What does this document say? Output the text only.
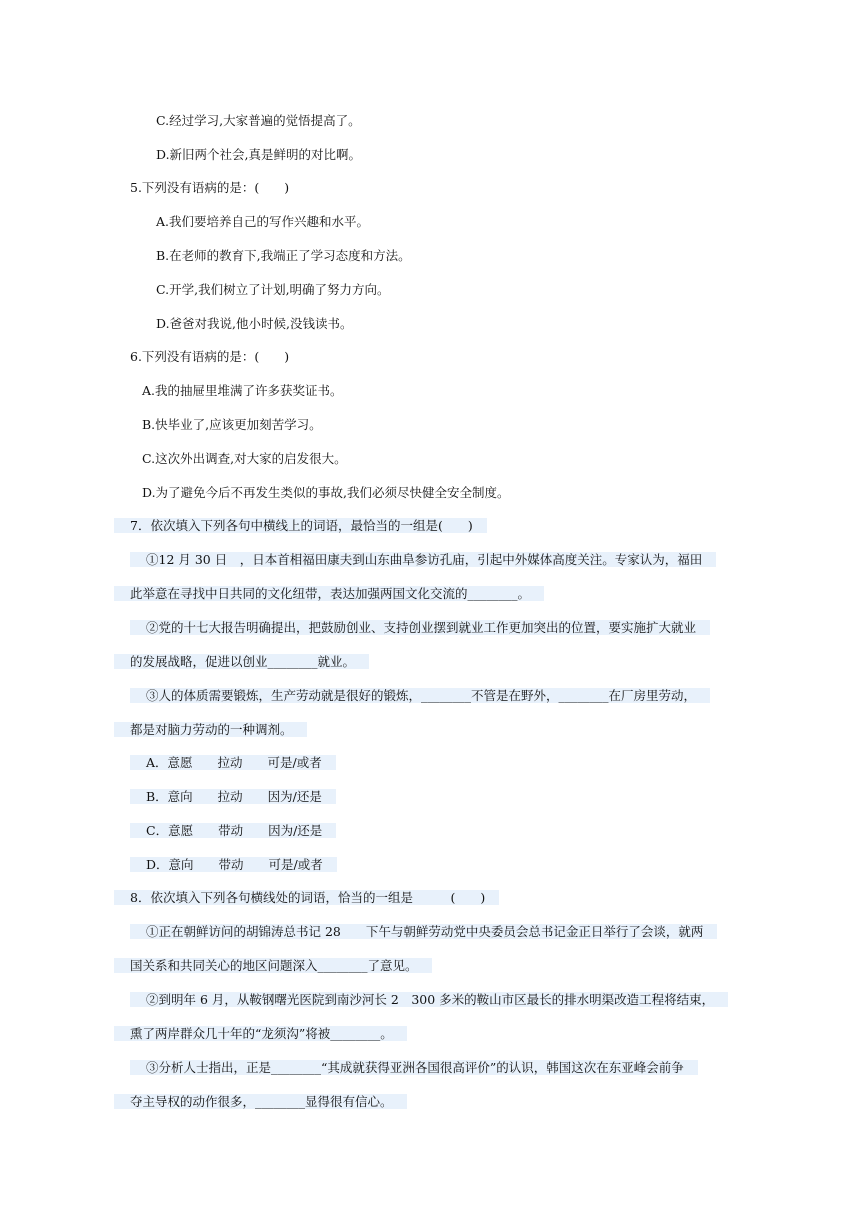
C.经过学习,大家普遍的觉悟提高了。
D.新旧两个社会,真是鲜明的对比啊。
5.下列没有语病的是：(　　)
A.我们要培养自己的写作兴趣和水平。
B.在老师的教育下,我端正了学习态度和方法。
C.开学,我们树立了计划,明确了努力方向。
D.爸爸对我说,他小时候,没钱读书。
6.下列没有语病的是：(　　)
A.我的抽屉里堆满了许多获奖证书。
B.快毕业了,应该更加刻苦学习。
C.这次外出调查,对大家的启发很大。
D.为了避免今后不再发生类似的事故,我们必须尽快健全安全制度。
7．依次填入下列各句中横线上的词语，最恰当的一组是(　　)
①12 月 30 日　，日本首相福田康夫到山东曲阜参访孔庙，引起中外媒体高度关注。专家认为，福田
此举意在寻找中日共同的文化纽带，表达加强两国文化交流的________。
②党的十七大报告明确提出，把鼓励创业、支持创业摆到就业工作更加突出的位置，要实施扩大就业
的发展战略，促进以创业________就业。
③人的体质需要锻炼，生产劳动就是很好的锻炼，________不管是在野外，________在厂房里劳动，
都是对脑力劳动的一种调剂。
A．意愿　　拉动　　可是/或者
B．意向　　拉动　　因为/还是
C．意愿　　带动　　因为/还是
D．意向　　带动　　可是/或者
8．依次填入下列各句横线处的词语，恰当的一组是　　　(　　)
①正在朝鲜访问的胡锦涛总书记 28　　下午与朝鲜劳动党中央委员会总书记金正日举行了会谈，就两
国关系和共同关心的地区问题深入________了意见。
②到明年 6 月，从鞍钢曙光医院到南沙河长 2　300 多米的鞍山市区最长的排水明渠改造工程将结束，
熏了两岸群众几十年的“龙须沟”将被________。
③分析人士指出，正是________“其成就获得亚洲各国很高评价”的认识，韩国这次在东亚峰会前争
夺主导权的动作很多，________显得很有信心。
